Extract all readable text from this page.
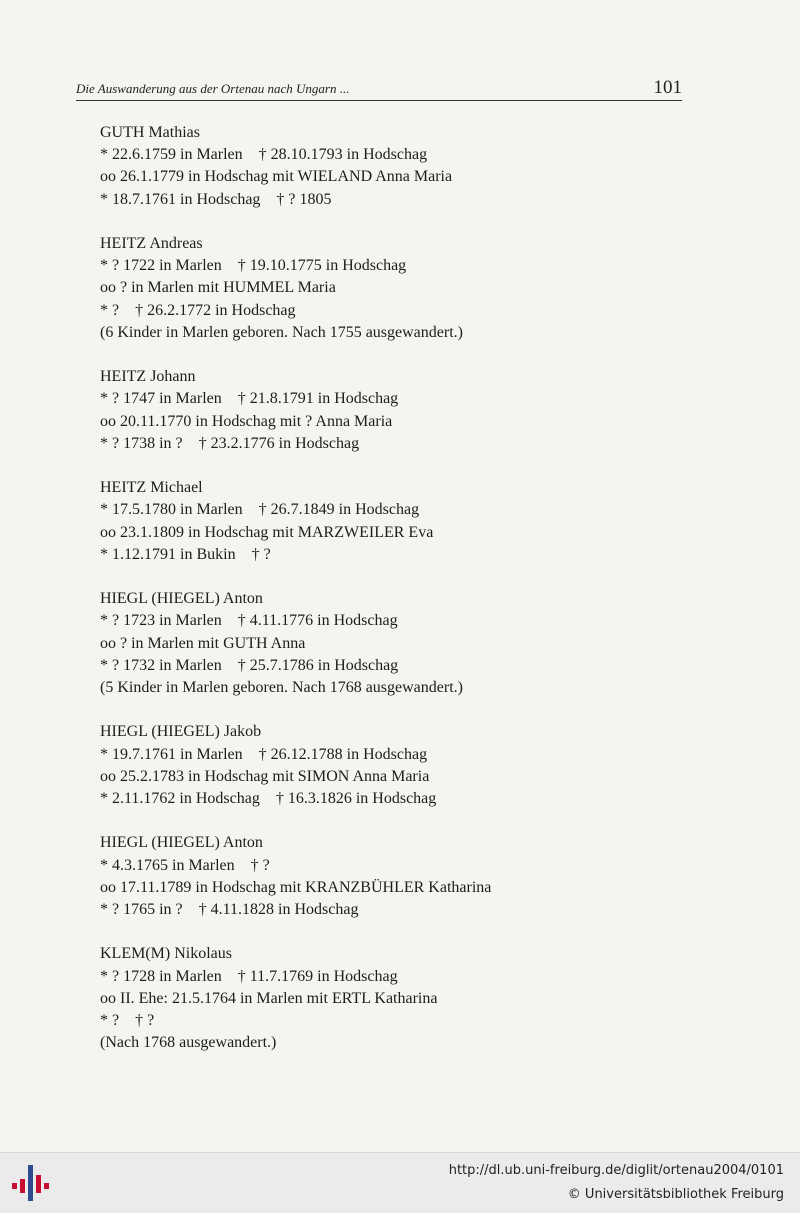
Die Auswanderung aus der Ortenau nach Ungarn ...	101
GUTH Mathias
* 22.6.1759 in Marlen    † 28.10.1793 in Hodschag
oo 26.1.1779 in Hodschag mit WIELAND Anna Maria
* 18.7.1761 in Hodschag    † ? 1805
HEITZ Andreas
* ? 1722 in Marlen    † 19.10.1775 in Hodschag
oo ? in Marlen mit HUMMEL Maria
* ?    † 26.2.1772 in Hodschag
(6 Kinder in Marlen geboren. Nach 1755 ausgewandert.)
HEITZ Johann
* ? 1747 in Marlen    † 21.8.1791 in Hodschag
oo 20.11.1770 in Hodschag mit ? Anna Maria
* ? 1738 in ?    † 23.2.1776 in Hodschag
HEITZ Michael
* 17.5.1780 in Marlen    † 26.7.1849 in Hodschag
oo 23.1.1809 in Hodschag mit MARZWEILER Eva
* 1.12.1791 in Bukin    † ?
HIEGL (HIEGEL) Anton
* ? 1723 in Marlen    † 4.11.1776 in Hodschag
oo ? in Marlen mit GUTH Anna
* ? 1732 in Marlen    † 25.7.1786 in Hodschag
(5 Kinder in Marlen geboren. Nach 1768 ausgewandert.)
HIEGL (HIEGEL) Jakob
* 19.7.1761 in Marlen    † 26.12.1788 in Hodschag
oo 25.2.1783 in Hodschag mit SIMON Anna Maria
* 2.11.1762 in Hodschag    † 16.3.1826 in Hodschag
HIEGL (HIEGEL) Anton
* 4.3.1765 in Marlen    † ?
oo 17.11.1789 in Hodschag mit KRANZBÜHLER Katharina
* ? 1765 in ?    † 4.11.1828 in Hodschag
KLEM(M) Nikolaus
* ? 1728 in Marlen    † 11.7.1769 in Hodschag
oo II. Ehe: 21.5.1764 in Marlen mit ERTL Katharina
* ?    † ?
(Nach 1768 ausgewandert.)
http://dl.ub.uni-freiburg.de/diglit/ortenau2004/0101
© Universitätsbibliothek Freiburg
